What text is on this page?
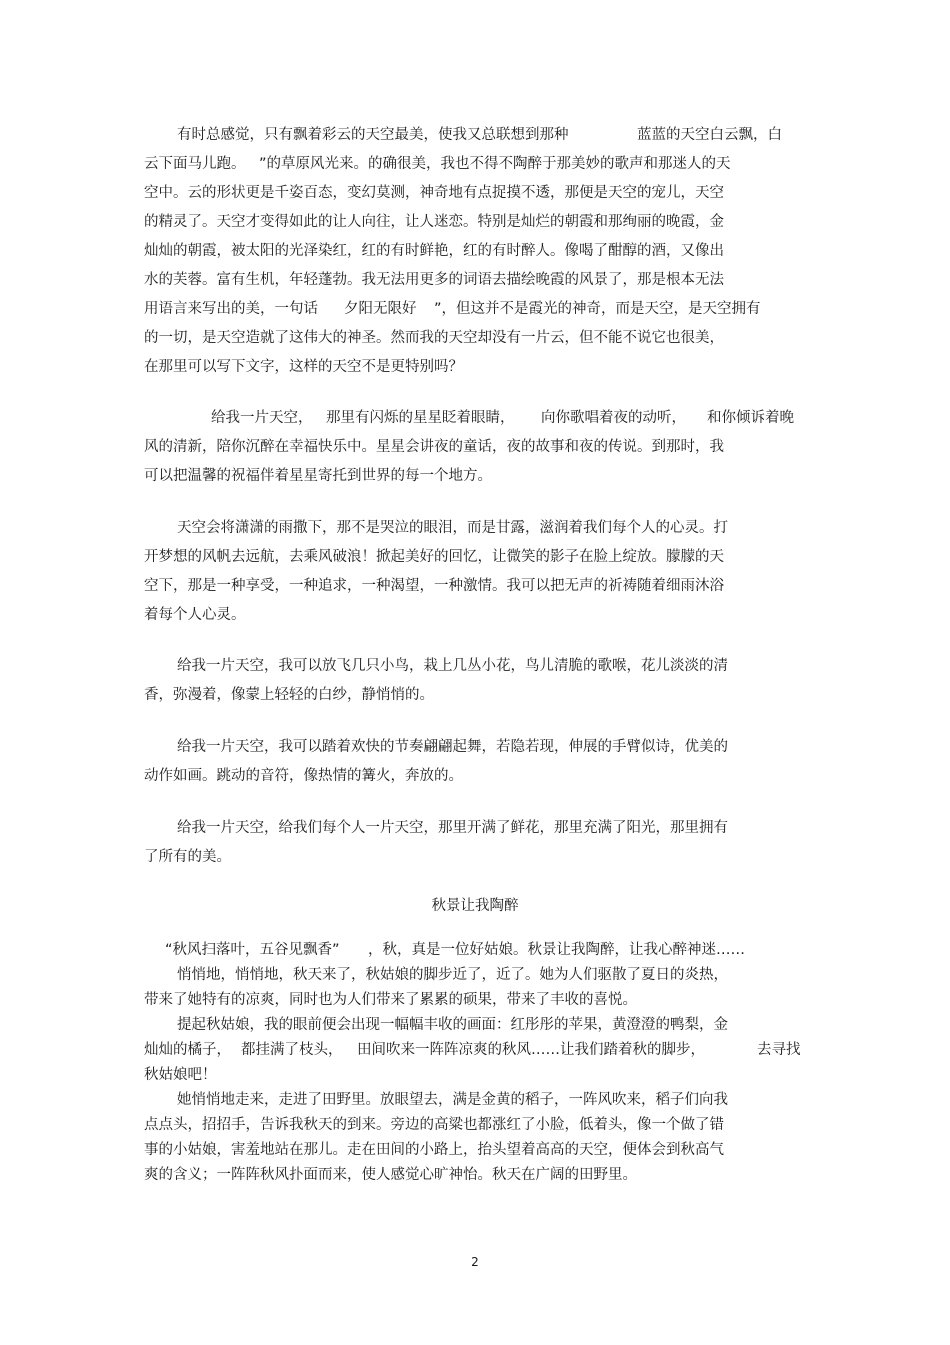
有时总感觉，只有飘着彩云的天空最美，使我又总联想到那种	蓝蓝的天空白云飘，白
云下面马儿跑。 ”的草原风光来。的确很美，我也不得不陶醉于那美妙的歌声和那迷人的天
空中。云的形状更是千姿百态，变幻莫测，神奇地有点捉摸不透，那便是天空的宠儿，天空
的精灵了。天空才变得如此的让人向往，让人迷恋。特别是灿烂的朝霞和那绚丽的晚霞，金
灿灿的朝霞，被太阳的光泽染红，红的有时鲜艳，红的有时醉人。像喝了酣醇的酒，又像出
水的芙蓉。富有生机，年轻蓬勃。我无法用更多的词语去描绘晚霞的风景了，那是根本无法
用语言来写出的美，一句话 夕阳无限好 ”，但这并不是霞光的神奇，而是天空，是天空拥有
的一切，是天空造就了这伟大的神圣。然而我的天空却没有一片云，但不能不说它也很美，
在那里可以写下文字，这样的天空不是更特别吗？
给我一片天空， 那里有闪烁的星星眨着眼睛， 向你歌唱着夜的动听， 和你倾诉着晚
风的清新，陪你沉醉在幸福快乐中。星星会讲夜的童话，夜的故事和夜的传说。到那时，我
可以把温馨的祝福伴着星星寄托到世界的每一个地方。
天空会将潇潇的雨撒下，那不是哭泣的眼泪，而是甘露，滋润着我们每个人的心灵。打
开梦想的风帆去远航，去乘风破浪！掀起美好的回忆，让微笑的影子在脸上绽放。朦朦的天
空下，那是一种享受，一种追求，一种渴望，一种激情。我可以把无声的祈祷随着细雨沐浴
着每个人心灵。
给我一片天空，我可以放飞几只小鸟，栽上几丛小花，鸟儿清脆的歌喉，花儿淡淡的清
香，弥漫着，像蒙上轻轻的白纱，静悄悄的。
给我一片天空，我可以踏着欢快的节奏翩翩起舞，若隐若现，伸展的手臂似诗，优美的
动作如画。跳动的音符，像热情的篝火，奔放的。
给我一片天空，给我们每个人一片天空，那里开满了鲜花，那里充满了阳光，那里拥有
了所有的美。
秋景让我陶醉
“秋风扫落叶，五谷见飘香” ，秋，真是一位好姑娘。秋景让我陶醉，让我心醉神迷……
悄悄地，悄悄地，秋天来了，秋姑娘的脚步近了，近了。她为人们驱散了夏日的炎热，
带来了她特有的凉爽，同时也为人们带来了累累的硕果，带来了丰收的喜悦。
提起秋姑娘，我的眼前便会出现一幅幅丰收的画面：红彤彤的苹果，黄澄澄的鸭梨，金
灿灿的橘子， 都挂满了枝头， 田间吹来一阵阵凉爽的秋风……让我们踏着秋的脚步，	去寻找
秋姑娘吧！
她悄悄地走来，走进了田野里。放眼望去，满是金黄的稻子，一阵风吹来，稻子们向我
点点头，招招手，告诉我秋天的到来。旁边的高粱也都涨红了小脸，低着头，像一个做了错
事的小姑娘，害羞地站在那儿。走在田间的小路上，抬头望着高高的天空，便体会到秋高气
爽的含义；一阵阵秋风扑面而来，使人感觉心旷神怡。秋天在广阔的田野里。
2
